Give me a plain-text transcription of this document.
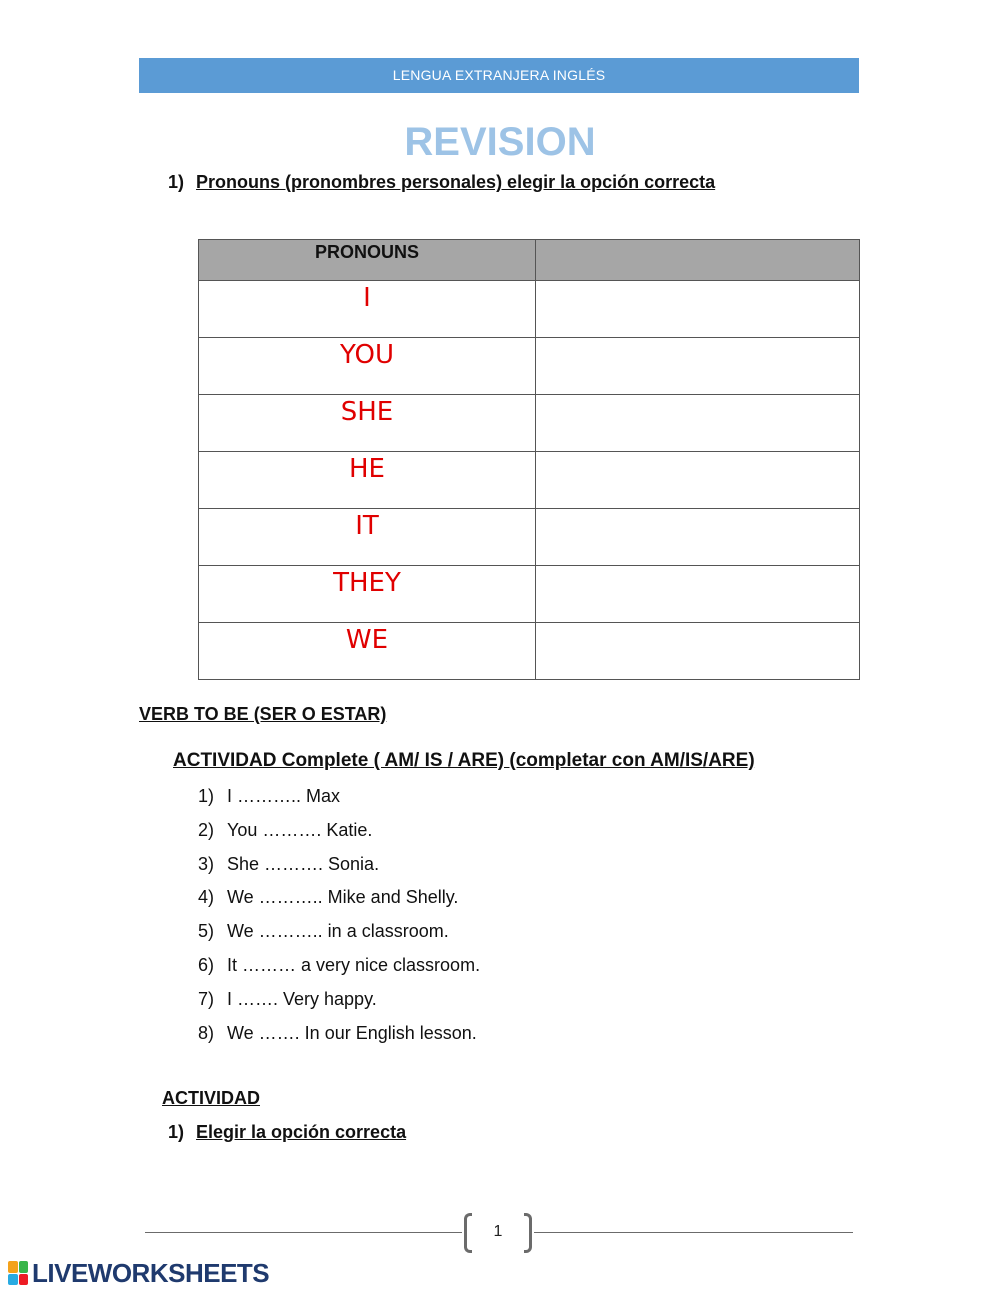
LENGUA EXTRANJERA INGLÉS
REVISION
1) Pronouns (pronombres personales) elegir la opción correcta
PRONOUNS	
I	
YOU	
SHE	
HE	
IT	
THEY	
WE	
VERB TO BE (SER O ESTAR)
ACTIVIDAD Complete ( AM/ IS / ARE) (completar con AM/IS/ARE)
1) I ……….. Max
2) You ………. Katie.
3) She ………. Sonia.
4) We ……….. Mike and Shelly.
5) We ……….. in a classroom.
6) It ……… a very nice classroom.
7) I ……. Very happy.
8) We ……. In our English lesson.
ACTIVIDAD
1) Elegir la opción correcta
1
LIVEWORKSHEETS
